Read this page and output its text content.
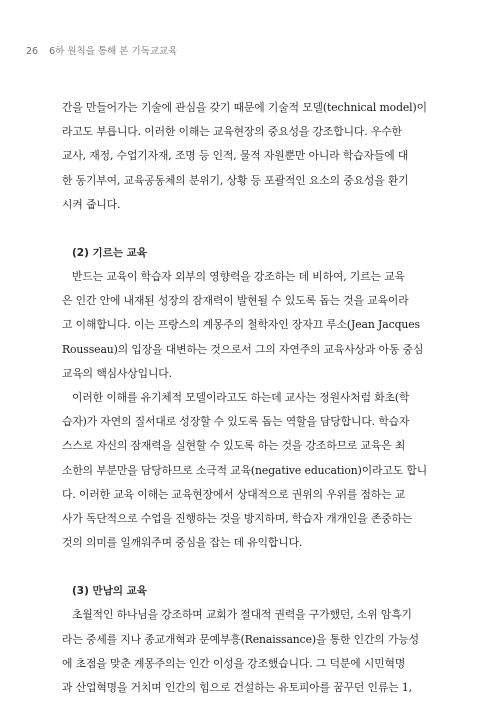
26 6하 원칙을 통해 본 기독교교육

간을 만들어가는 기술에 관심을 갖기 때문에 기술적 모델(technical model)이
라고도 부릅니다. 이러한 이해는 교육현장의 중요성을 강조합니다. 우수한
교사, 재정, 수업기자재, 조명 등 인적, 물적 자원뿐만 아니라 학습자들에 대
한 동기부여, 교육공동체의 분위기, 상황 등 포괄적인 요소의 중요성을 환기
시켜 줍니다.

(2) 기르는 교육

반드는 교육이 학습자 외부의 영향력을 강조하는 데 비하여, 기르는 교육
은 인간 안에 내재된 성장의 잠재력이 발현될 수 있도록 돕는 것을 교육이라
고 이해합니다. 이는 프랑스의 계몽주의 철학자인 장자끄 루소(Jean Jacques
Rousseau)의 입장을 대변하는 것으로서 그의 자연주의 교육사상과 아동 중심
교육의 핵심사상입니다.

이러한 이해를 유기체적 모델이라고도 하는데 교사는 정원사처럼 화초(학
습자)가 자연의 질서대로 성장할 수 있도록 돕는 역할을 담당합니다. 학습자
스스로 자신의 잠재력을 실현할 수 있도록 하는 것을 강조하므로 교육은 최
소한의 부분만을 담당하므로 소극적 교육(negative education)이라고도 합니
다. 이러한 교육 이해는 교육현장에서 상대적으로 권위의 우위를 점하는 교
사가 독단적으로 수업을 진행하는 것을 방지하며, 학습자 개개인을 존중하는
것의 의미를 일깨워주며 중심을 잡는 데 유익합니다.

(3) 만남의 교육

초월적인 하나님을 강조하며 교회가 절대적 권력을 구가했던, 소위 암흑기
라는 중세를 지나 종교개혁과 문예부흥(Renaissance)을 통한 인간의 가능성
에 초점을 맞춘 계몽주의는 인간 이성을 강조했습니다. 그 덕분에 시민혁명
과 산업혁명을 거치며 인간의 힘으로 건설하는 유토피아를 꿈꾸던 인류는 1,
